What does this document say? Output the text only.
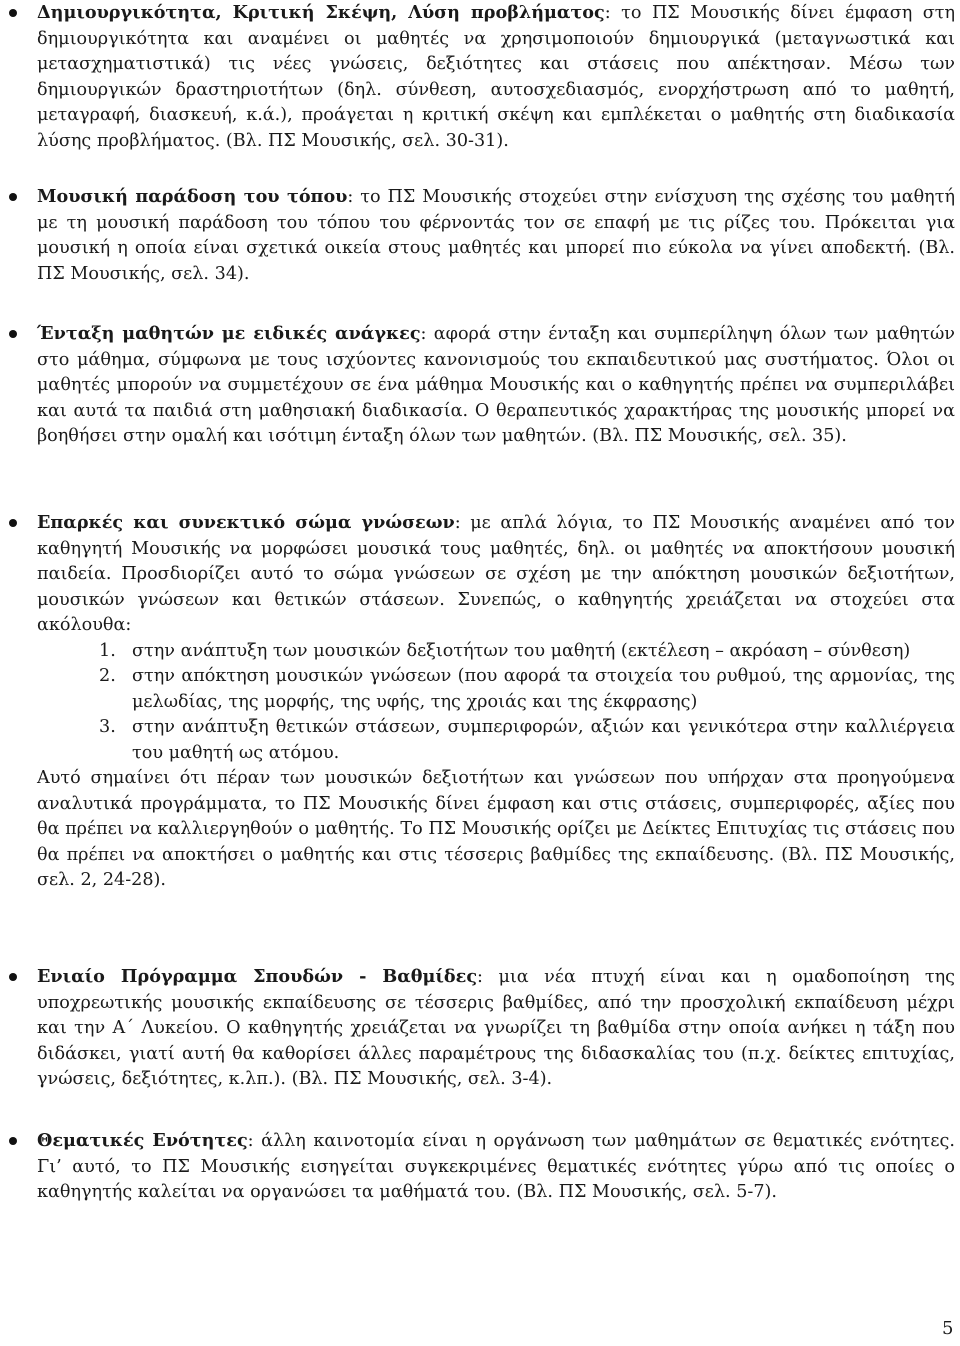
Δημιουργικότητα, Κριτική Σκέψη, Λύση προβλήματος: το ΠΣ Μουσικής δίνει έμφαση στη δημιουργικότητα και αναμένει οι μαθητές να χρησιμοποιούν δημιουργικά (μεταγνωστικά και μετασχηματιστικά) τις νέες γνώσεις, δεξιότητες και στάσεις που απέκτησαν. Μέσω των δημιουργικών δραστηριοτήτων (δηλ. σύνθεση, αυτοσχεδιασμός, ενορχήστρωση από το μαθητή, μεταγραφή, διασκευή, κ.ά.), προάγεται η κριτική σκέψη και εμπλέκεται ο μαθητής στη διαδικασία λύσης προβλήματος. (Βλ. ΠΣ Μουσικής, σελ. 30-31).
Μουσική παράδοση του τόπου: το ΠΣ Μουσικής στοχεύει στην ενίσχυση της σχέσης του μαθητή με τη μουσική παράδοση του τόπου του φέρνοντάς τον σε επαφή με τις ρίζες του. Πρόκειται για μουσική η οποία είναι σχετικά οικεία στους μαθητές και μπορεί πιο εύκολα να γίνει αποδεκτή. (Βλ. ΠΣ Μουσικής, σελ. 34).
Ένταξη μαθητών με ειδικές ανάγκες: αφορά στην ένταξη και συμπερίληψη όλων των μαθητών στο μάθημα, σύμφωνα με τους ισχύοντες κανονισμούς του εκπαιδευτικού μας συστήματος. Όλοι οι μαθητές μπορούν να συμμετέχουν σε ένα μάθημα Μουσικής και ο καθηγητής πρέπει να συμπεριλάβει και αυτά τα παιδιά στη μαθησιακή διαδικασία. Ο θεραπευτικός χαρακτήρας της μουσικής μπορεί να βοηθήσει στην ομαλή και ισότιμη ένταξη όλων των μαθητών. (Βλ. ΠΣ Μουσικής, σελ. 35).
Επαρκές και συνεκτικό σώμα γνώσεων: με απλά λόγια, το ΠΣ Μουσικής αναμένει από τον καθηγητή Μουσικής να μορφώσει μουσικά τους μαθητές, δηλ. οι μαθητές να αποκτήσουν μουσική παιδεία. Προσδιορίζει αυτό το σώμα γνώσεων σε σχέση με την απόκτηση μουσικών δεξιοτήτων, μουσικών γνώσεων και θετικών στάσεων. Συνεπώς, ο καθηγητής χρειάζεται να στοχεύει στα ακόλουθα:
1. στην ανάπτυξη των μουσικών δεξιοτήτων του μαθητή (εκτέλεση – ακρόαση – σύνθεση)
2. στην απόκτηση μουσικών γνώσεων (που αφορά τα στοιχεία του ρυθμού, της αρμονίας, της μελωδίας, της μορφής, της υφής, της χροιάς και της έκφρασης)
3. στην ανάπτυξη θετικών στάσεων, συμπεριφορών, αξιών και γενικότερα στην καλλιέργεια του μαθητή ως ατόμου.
Αυτό σημαίνει ότι πέραν των μουσικών δεξιοτήτων και γνώσεων που υπήρχαν στα προηγούμενα αναλυτικά προγράμματα, το ΠΣ Μουσικής δίνει έμφαση και στις στάσεις, συμπεριφορές, αξίες που θα πρέπει να καλλιεργηθούν ο μαθητής. Το ΠΣ Μουσικής ορίζει με Δείκτες Επιτυχίας τις στάσεις που θα πρέπει να αποκτήσει ο μαθητής και στις τέσσερις βαθμίδες της εκπαίδευσης. (Βλ. ΠΣ Μουσικής, σελ. 2, 24-28).
Ενιαίο Πρόγραμμα Σπουδών - Βαθμίδες: μια νέα πτυχή είναι και η ομαδοποίηση της υποχρεωτικής μουσικής εκπαίδευσης σε τέσσερις βαθμίδες, από την προσχολική εκπαίδευση μέχρι και την Α΄ Λυκείου. Ο καθηγητής χρειάζεται να γνωρίζει τη βαθμίδα στην οποία ανήκει η τάξη που διδάσκει, γιατί αυτή θα καθορίσει άλλες παραμέτρους της διδασκαλίας του (π.χ. δείκτες επιτυχίας, γνώσεις, δεξιότητες, κ.λπ.). (Βλ. ΠΣ Μουσικής, σελ. 3-4).
Θεματικές Ενότητες: άλλη καινοτομία είναι η οργάνωση των μαθημάτων σε θεματικές ενότητες. Γι’ αυτό, το ΠΣ Μουσικής εισηγείται συγκεκριμένες θεματικές ενότητες γύρω από τις οποίες ο καθηγητής καλείται να οργανώσει τα μαθήματά του. (Βλ. ΠΣ Μουσικής, σελ. 5-7).
5
